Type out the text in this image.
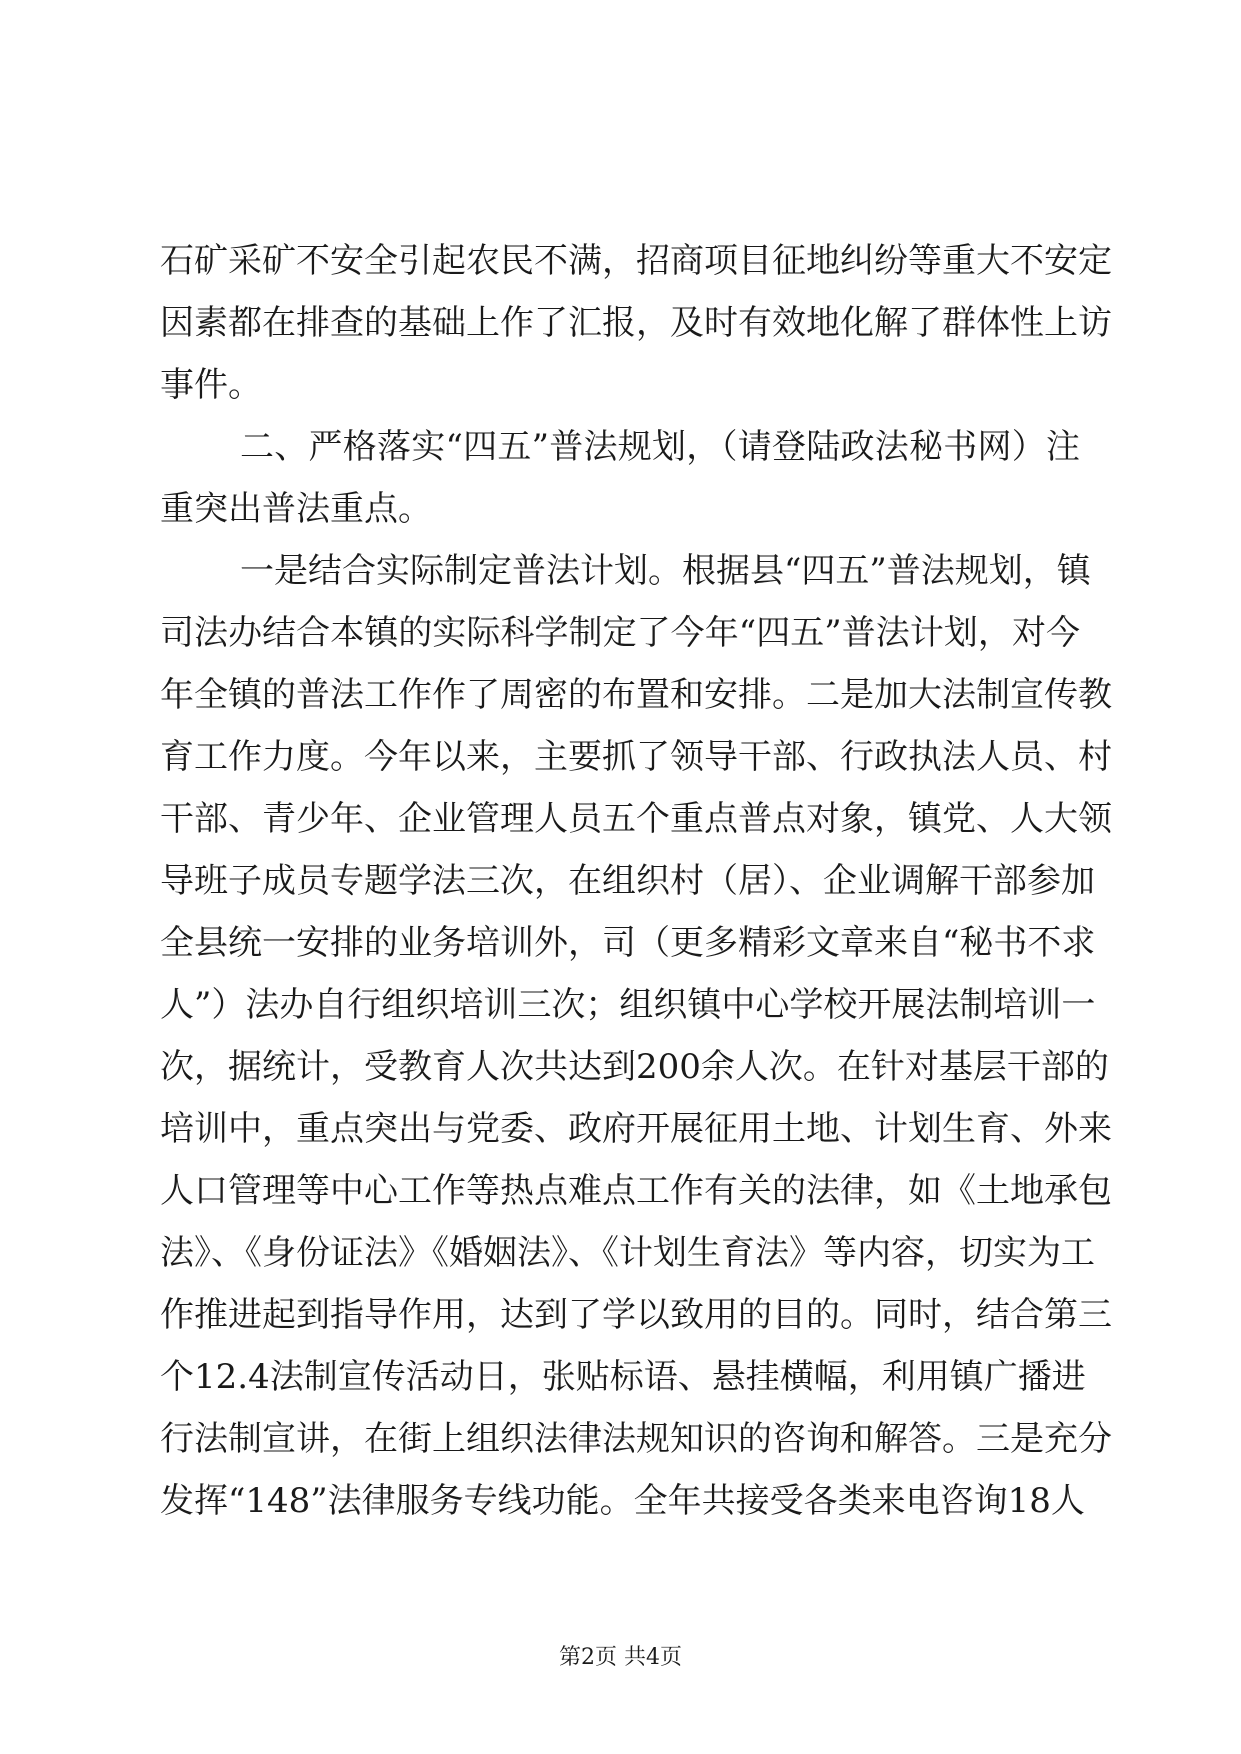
石矿采矿不安全引起农民不满，招商项目征地纠纷等重大不安定
因素都在排查的基础上作了汇报，及时有效地化解了群体性上访
事件。
二、严格落实“四五”普法规划，（请登陆政法秘书网）注
重突出普法重点。
一是结合实际制定普法计划。根据县“四五”普法规划，镇
司法办结合本镇的实际科学制定了今年“四五”普法计划，对今
年全镇的普法工作作了周密的布置和安排。二是加大法制宣传教
育工作力度。今年以来，主要抓了领导干部、行政执法人员、村
干部、青少年、企业管理人员五个重点普点对象，镇党、人大领
导班子成员专题学法三次，在组织村（居）、企业调解干部参加
全县统一安排的业务培训外，司（更多精彩文章来自“秘书不求
人”）法办自行组织培训三次；组织镇中心学校开展法制培训一
次，据统计，受教育人次共达到200余人次。在针对基层干部的
培训中，重点突出与党委、政府开展征用土地、计划生育、外来
人口管理等中心工作等热点难点工作有关的法律，如《土地承包
法》、《身份证法》《婚姻法》、《计划生育法》等内容，切实为工
作推进起到指导作用，达到了学以致用的目的。同时，结合第三
个12.4法制宣传活动日，张贴标语、悬挂横幅，利用镇广播进
行法制宣讲，在街上组织法律法规知识的咨询和解答。三是充分
发挥“148”法律服务专线功能。全年共接受各类来电咨询18人
第2页 共4页
